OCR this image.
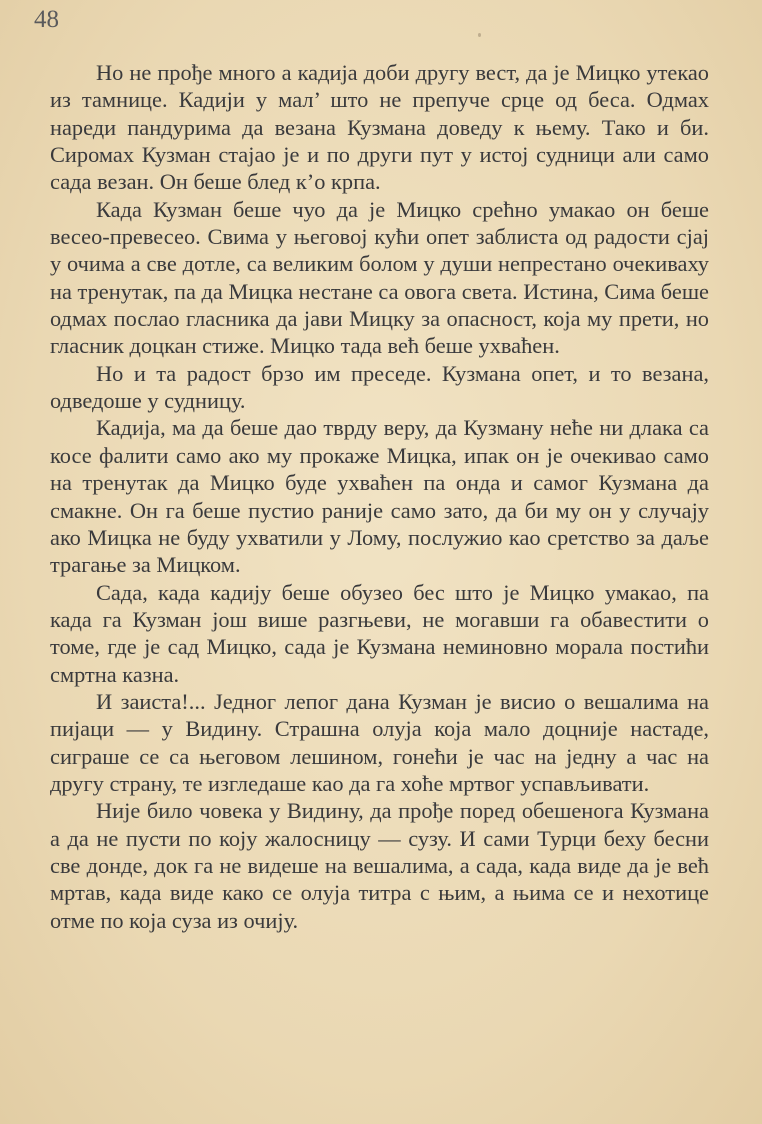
48

Но не прође много а кадија доби другу вест, да је Мицко утекао из тамнице. Кадији у мал’ што не препуче срце од беса. Одмах нареди пандурима да везана Кузмана доведу к њему. Тако и би. Сиромах Кузман стајао је и по други пут у истој судници али само сада везан. Он беше блед к’о крпа.

Када Кузман беше чуо да је Мицко срећно умакао он беше весео-превесео. Свима у његовој кући опет заблиста од радости сјај у очима а све дотле, са великим болом у души непрестано очекиваху на тренутак, па да Мицка нестане са овога света. Истина, Сима беше одмах послао гласника да јави Мицку за опасност, која му прети, но гласник доцкан стиже. Мицко тада већ беше ухваћен.

Но и та радост брзо им преседе. Кузмана опет, и то везана, одведоше у судницу.

Кадија, ма да беше дао тврду веру, да Кузману неће ни длака са косе фалити само ако му прокаже Мицка, ипак он је очекивао само на тренутак да Мицко буде ухваћен па онда и самог Кузмана да смакне. Он га беше пустио раније само зато, да би му он у случају ако Мицка не буду ухватили у Лому, послужио као сретство за даље трагање за Мицком.

Сада, када кадију беше обузео бес што је Мицко умакао, па када га Кузман још више разгњеви, не могавши га обавестити о томе, где је сад Мицко, сада је Кузмана неминовно морала постићи смртна казна.

И заиста!... Једног лепог дана Кузман је висио о вешалима на пијаци — у Видину. Страшна олуја која мало доцније настаде, сиграше се са његовом лешином, гонећи је час на једну а час на другу страну, те изгледаше као да га хоће мртвог успављивати.

Није било човека у Видину, да прође поред обешенога Кузмана а да не пусти по коју жалосницу — сузу. И сами Турци беху бесни све донде, док га не видеше на вешалима, а сада, када виде да је већ мртав, када виде како се олуја титра с њим, а њима се и нехотице отме по која суза из очију.
